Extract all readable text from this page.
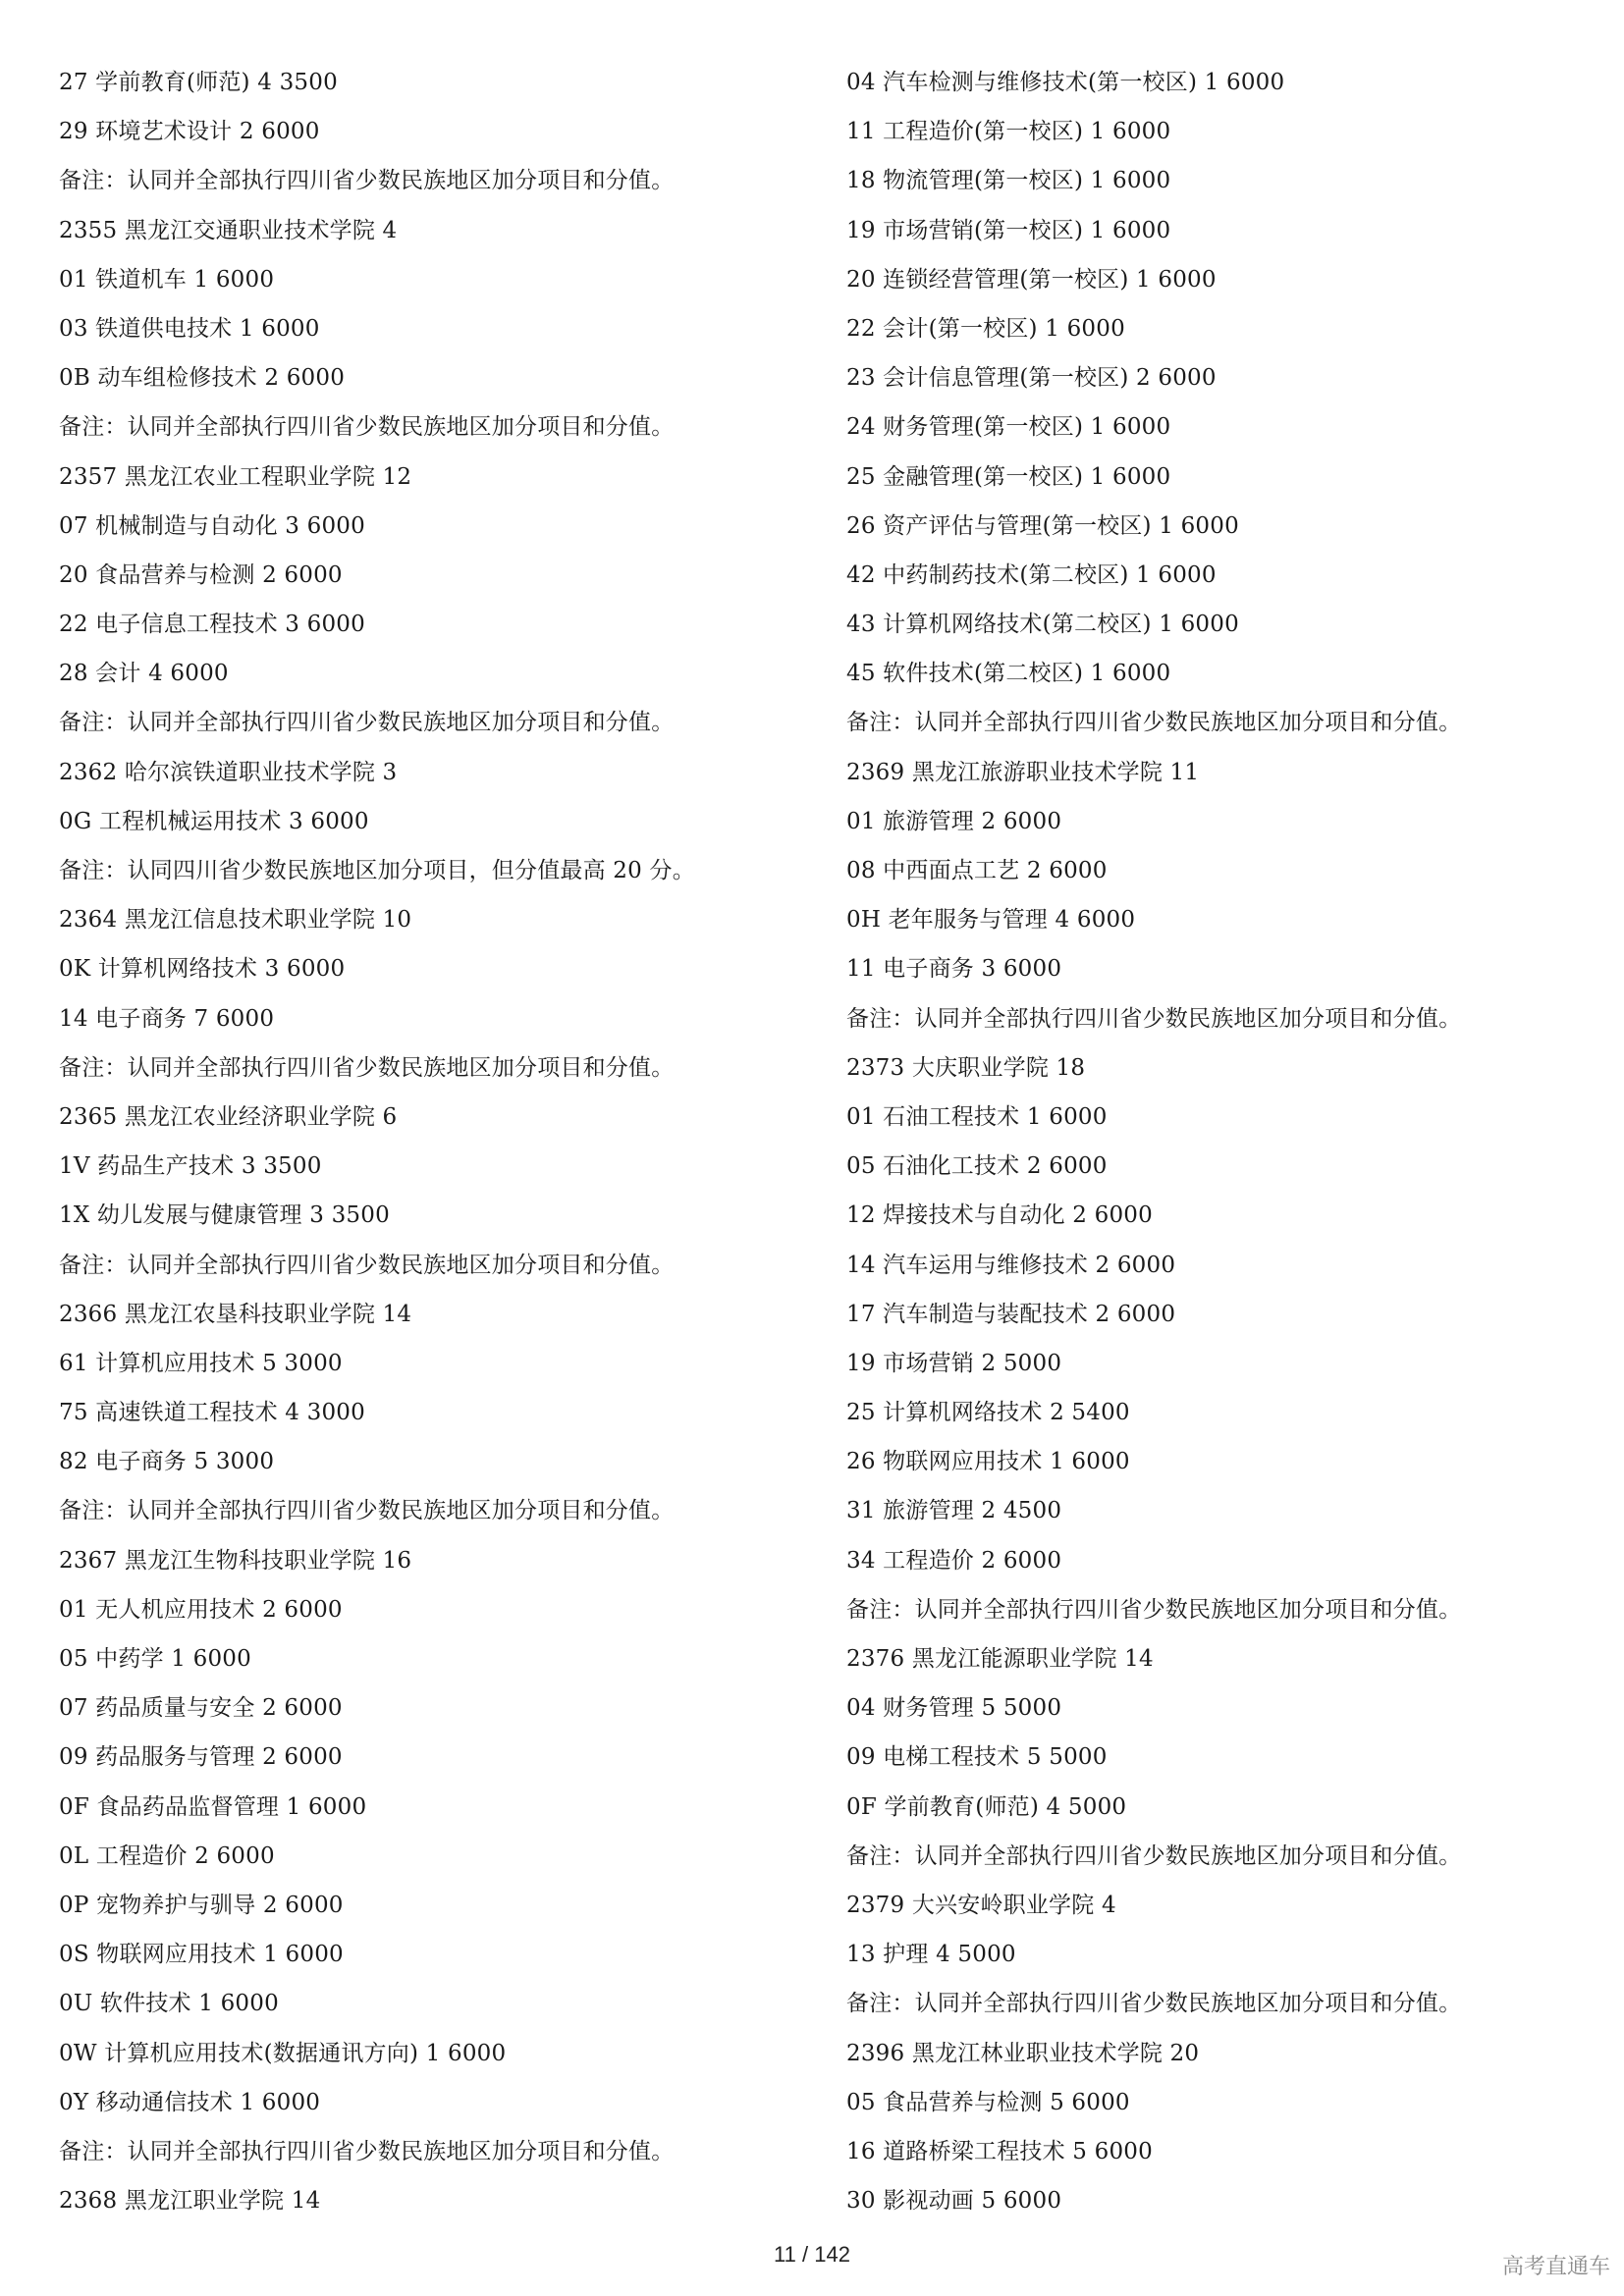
27 学前教育(师范) 4 3500
29 环境艺术设计 2 6000
备注：认同并全部执行四川省少数民族地区加分项目和分值。
2355 黑龙江交通职业技术学院 4
01 铁道机车 1 6000
03 铁道供电技术 1 6000
0B 动车组检修技术 2 6000
备注：认同并全部执行四川省少数民族地区加分项目和分值。
2357 黑龙江农业工程职业学院 12
07 机械制造与自动化 3 6000
20 食品营养与检测 2 6000
22 电子信息工程技术 3 6000
28 会计 4 6000
备注：认同并全部执行四川省少数民族地区加分项目和分值。
2362 哈尔滨铁道职业技术学院 3
0G 工程机械运用技术 3 6000
备注：认同四川省少数民族地区加分项目，但分值最高 20 分。
2364 黑龙江信息技术职业学院 10
0K 计算机网络技术 3 6000
14 电子商务 7 6000
备注：认同并全部执行四川省少数民族地区加分项目和分值。
2365 黑龙江农业经济职业学院 6
1V 药品生产技术 3 3500
1X 幼儿发展与健康管理 3 3500
备注：认同并全部执行四川省少数民族地区加分项目和分值。
2366 黑龙江农垦科技职业学院 14
61 计算机应用技术 5 3000
75 高速铁道工程技术 4 3000
82 电子商务 5 3000
备注：认同并全部执行四川省少数民族地区加分项目和分值。
2367 黑龙江生物科技职业学院 16
01 无人机应用技术 2 6000
05 中药学 1 6000
07 药品质量与安全 2 6000
09 药品服务与管理 2 6000
0F 食品药品监督管理 1 6000
0L 工程造价 2 6000
0P 宠物养护与驯导 2 6000
0S 物联网应用技术 1 6000
0U 软件技术 1 6000
0W 计算机应用技术(数据通讯方向) 1 6000
0Y 移动通信技术 1 6000
备注：认同并全部执行四川省少数民族地区加分项目和分值。
2368 黑龙江职业学院 14
04 汽车检测与维修技术(第一校区) 1 6000
11 工程造价(第一校区) 1 6000
18 物流管理(第一校区) 1 6000
19 市场营销(第一校区) 1 6000
20 连锁经营管理(第一校区) 1 6000
22 会计(第一校区) 1 6000
23 会计信息管理(第一校区) 2 6000
24 财务管理(第一校区) 1 6000
25 金融管理(第一校区) 1 6000
26 资产评估与管理(第一校区) 1 6000
42 中药制药技术(第二校区) 1 6000
43 计算机网络技术(第二校区) 1 6000
45 软件技术(第二校区) 1 6000
备注：认同并全部执行四川省少数民族地区加分项目和分值。
2369 黑龙江旅游职业技术学院 11
01 旅游管理 2 6000
08 中西面点工艺 2 6000
0H 老年服务与管理 4 6000
11 电子商务 3 6000
备注：认同并全部执行四川省少数民族地区加分项目和分值。
2373 大庆职业学院 18
01 石油工程技术 1 6000
05 石油化工技术 2 6000
12 焊接技术与自动化 2 6000
14 汽车运用与维修技术 2 6000
17 汽车制造与装配技术 2 6000
19 市场营销 2 5000
25 计算机网络技术 2 5400
26 物联网应用技术 1 6000
31 旅游管理 2 4500
34 工程造价 2 6000
备注：认同并全部执行四川省少数民族地区加分项目和分值。
2376 黑龙江能源职业学院 14
04 财务管理 5 5000
09 电梯工程技术 5 5000
0F 学前教育(师范) 4 5000
备注：认同并全部执行四川省少数民族地区加分项目和分值。
2379 大兴安岭职业学院 4
13 护理 4 5000
备注：认同并全部执行四川省少数民族地区加分项目和分值。
2396 黑龙江林业职业技术学院 20
05 食品营养与检测 5 6000
16 道路桥梁工程技术 5 6000
30 影视动画 5 6000
11 / 142
高考直通车
